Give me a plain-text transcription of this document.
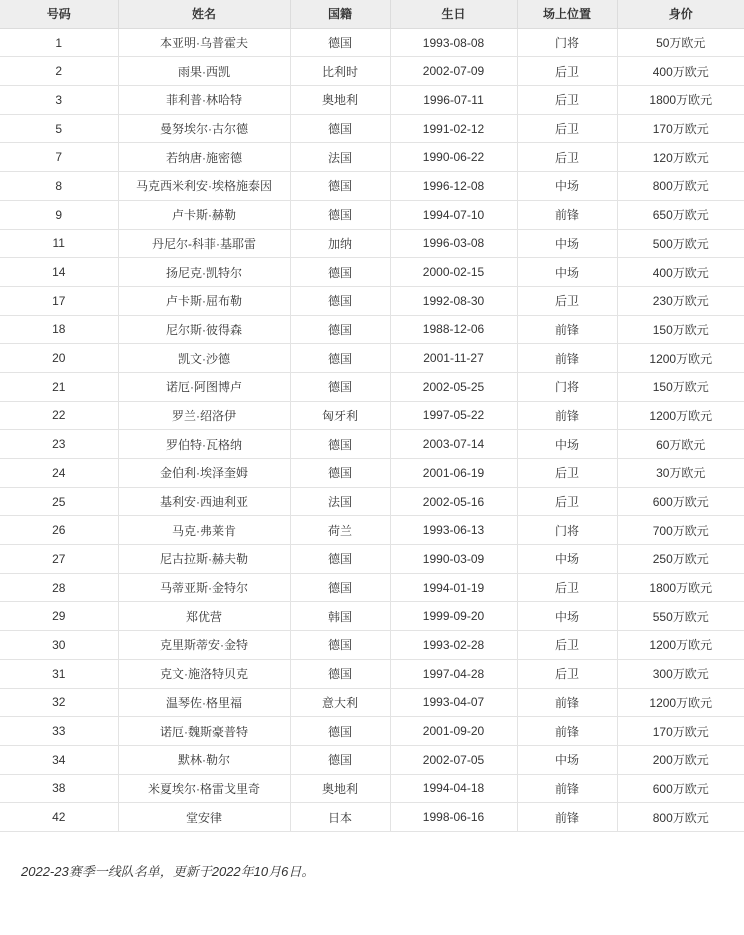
号码	姓名	国籍	生日	场上位置	身价
1	本亚明·乌普霍夫	德国	1993-08-08	门将	50万欧元
2	雨果·西凯	比利时	2002-07-09	后卫	400万欧元
3	菲利普·林哈特	奥地利	1996-07-11	后卫	1800万欧元
5	曼努埃尔·古尔德	德国	1991-02-12	后卫	170万欧元
7	若纳唐·施密德	法国	1990-06-22	后卫	120万欧元
8	马克西米利安·埃格施泰因	德国	1996-12-08	中场	800万欧元
9	卢卡斯·赫勒	德国	1994-07-10	前锋	650万欧元
11	丹尼尔-科菲·基耶雷	加纳	1996-03-08	中场	500万欧元
14	扬尼克·凯特尔	德国	2000-02-15	中场	400万欧元
17	卢卡斯·屈布勒	德国	1992-08-30	后卫	230万欧元
18	尼尔斯·彼得森	德国	1988-12-06	前锋	150万欧元
20	凯文·沙德	德国	2001-11-27	前锋	1200万欧元
21	诺厄·阿图博卢	德国	2002-05-25	门将	150万欧元
22	罗兰·绍洛伊	匈牙利	1997-05-22	前锋	1200万欧元
23	罗伯特·瓦格纳	德国	2003-07-14	中场	60万欧元
24	金伯利·埃泽奎姆	德国	2001-06-19	后卫	30万欧元
25	基利安·西迪利亚	法国	2002-05-16	后卫	600万欧元
26	马克·弗莱肯	荷兰	1993-06-13	门将	700万欧元
27	尼古拉斯·赫夫勒	德国	1990-03-09	中场	250万欧元
28	马蒂亚斯·金特尔	德国	1994-01-19	后卫	1800万欧元
29	郑优营	韩国	1999-09-20	中场	550万欧元
30	克里斯蒂安·金特	德国	1993-02-28	后卫	1200万欧元
31	克文·施洛特贝克	德国	1997-04-28	后卫	300万欧元
32	温琴佐·格里福	意大利	1993-04-07	前锋	1200万欧元
33	诺厄·魏斯豪普特	德国	2001-09-20	前锋	170万欧元
34	默林·勒尔	德国	2002-07-05	中场	200万欧元
38	米夏埃尔·格雷戈里奇	奥地利	1994-04-18	前锋	600万欧元
42	堂安律	日本	1998-06-16	前锋	800万欧元

2022-23赛季一线队名单，更新于2022年10月6日。
